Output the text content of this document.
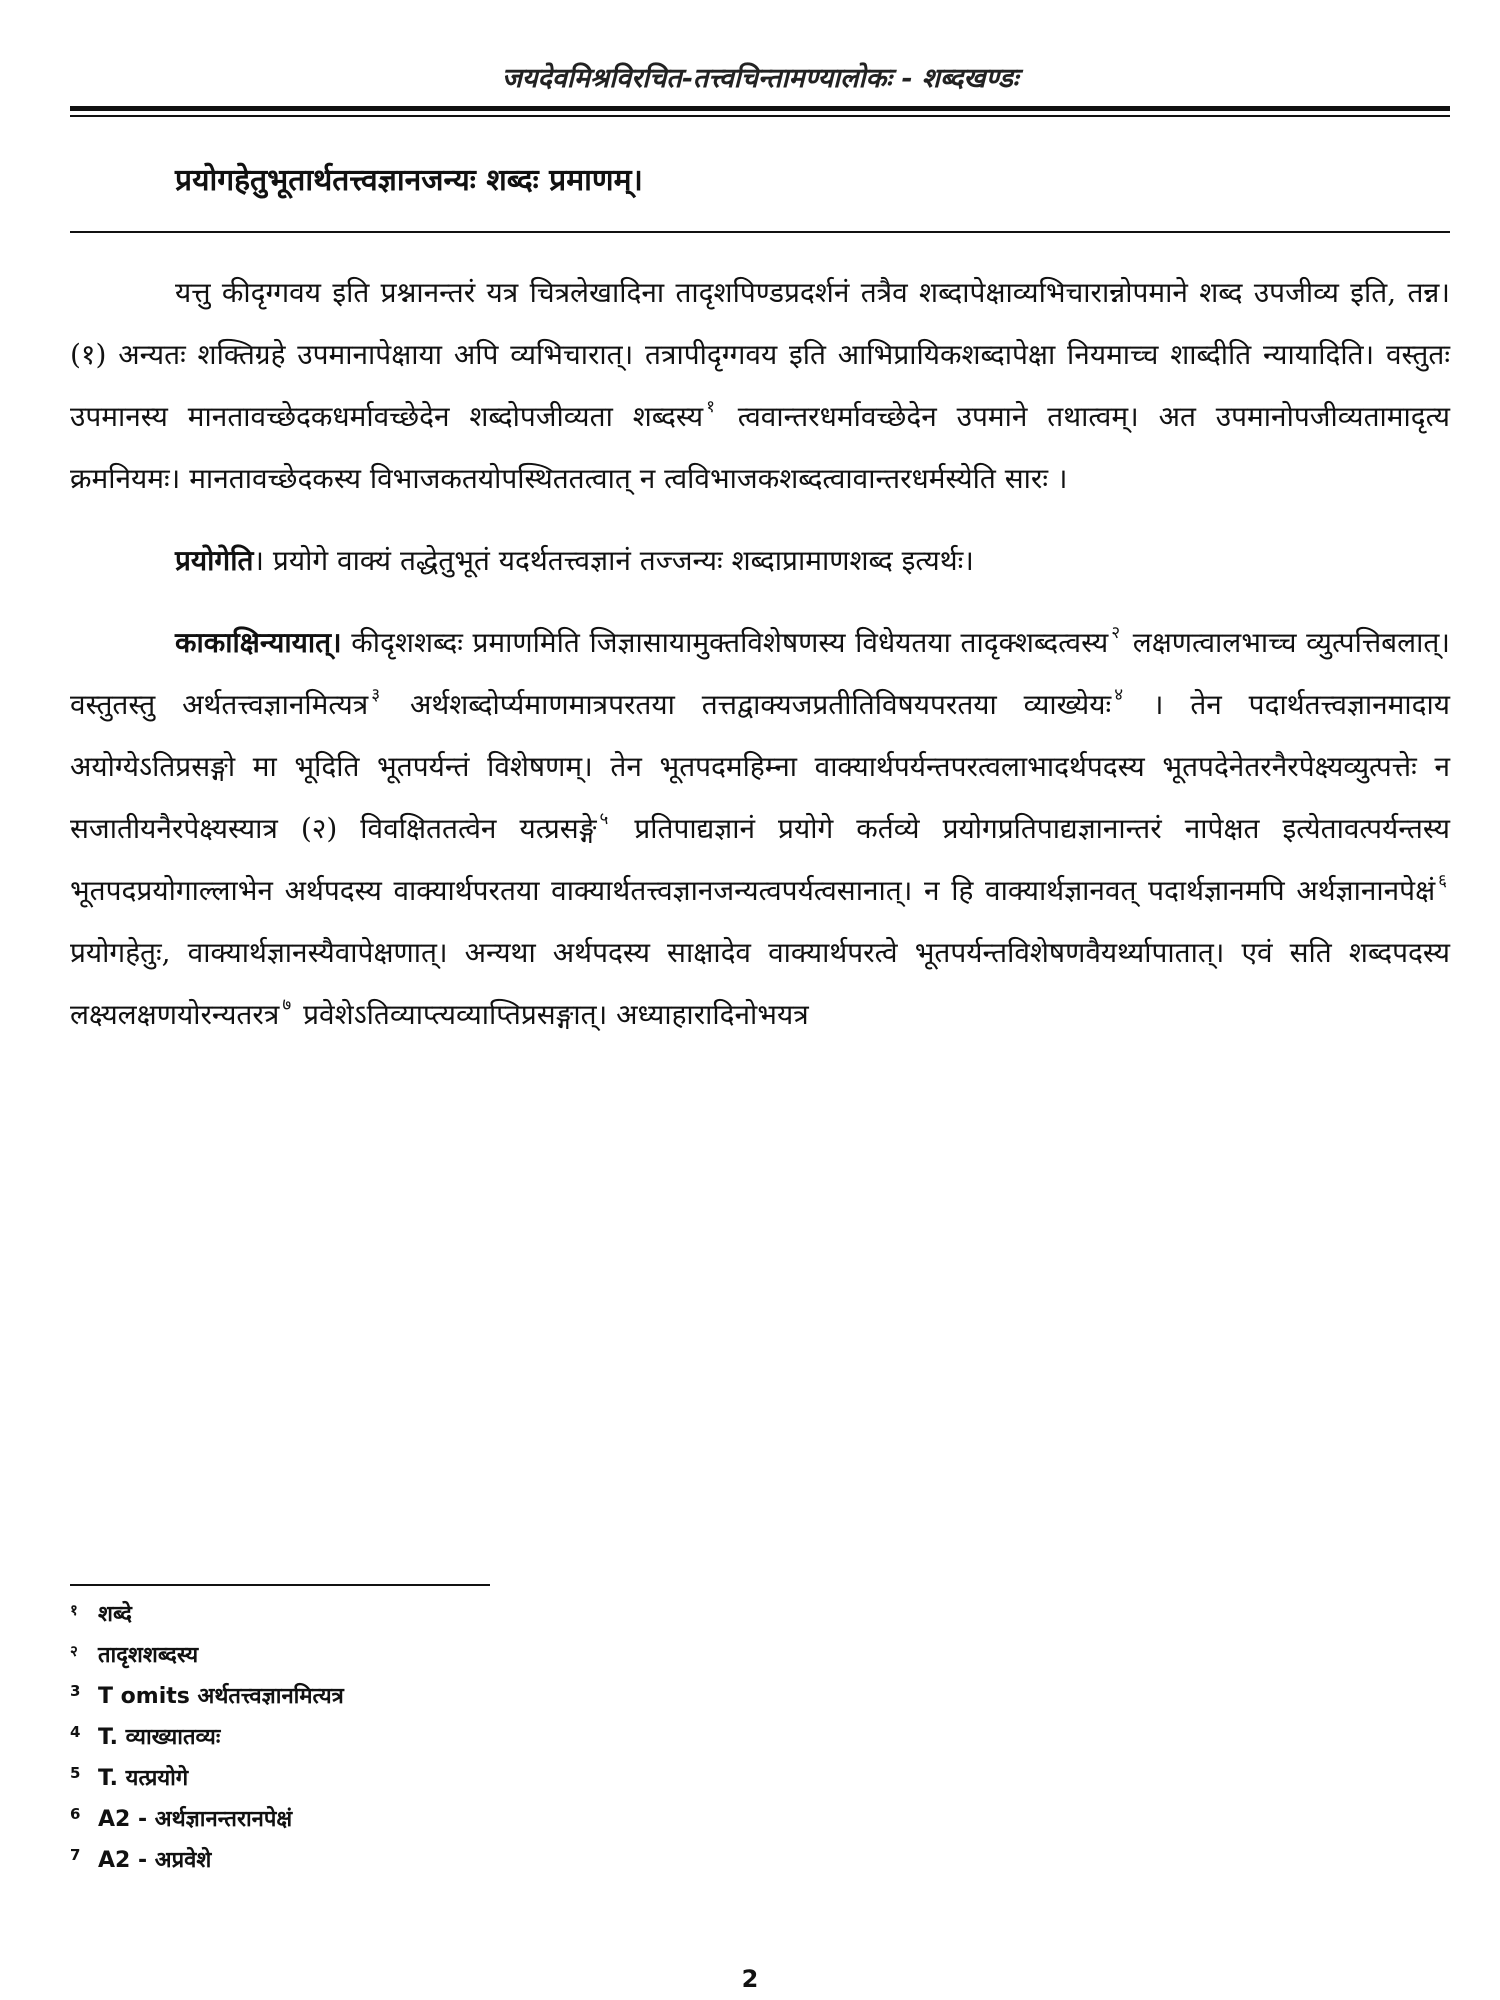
जयदेवमिश्रविरचित-तत्त्वचिन्तामण्यालोकः - शब्दखण्डः
प्रयोगहेतुभूतार्थतत्त्वज्ञानजन्यः शब्दः प्रमाणम्।

यत्तु कीदृग्गवय इति प्रश्नानन्तरं यत्र चित्रलेखादिना तादृशपिण्डप्रदर्शनं तत्रैव शब्दापेक्षाव्यभिचारान्नोपमाने शब्द उपजीव्य इति, तन्न। (१) अन्यतः शक्तिग्रहे उपमानापेक्षाया अपि व्यभिचारात्। तत्रापीदृग्गवय इति आभिप्रायिकशब्दापेक्षा नियमाच्च शाब्दीति न्यायादिति। वस्तुतः उपमानस्य मानतावच्छेदकधर्मावच्छेदेन शब्दोपजीव्यता शब्दस्य $^१$ त्ववान्तरधर्मावच्छेदेन उपमाने तथात्वम्। अत उपमानोपजीव्यतामादृत्य क्रमनियमः। मानतावच्छेदकस्य विभाजकतयोपस्थिततत्वात् न त्वविभाजकशब्दत्वावान्तरधर्मस्येति सारः ।

प्रयोगेति। प्रयोगे वाक्यं तद्धेतुभूतं यदर्थतत्त्वज्ञानं तज्जन्यः शब्दाप्रामाणशब्द इत्यर्थः।

काकाक्षिन्यायात्। कीदृशशब्दः प्रमाणमिति जिज्ञासायामुक्तविशेषणस्य विधेयतया तादृक्शब्दत्वस्य $^२$ लक्षणत्वालभाच्च व्युत्पत्तिबलात्। वस्तुतस्तु अर्थतत्त्वज्ञानमित्यत्र $^३$ अर्थशब्दोर्प्यमाणमात्रपरतया तत्तद्वाक्यजप्रतीतिविषयपरतया व्याख्येयः $^४$ । तेन पदार्थतत्त्वज्ञानमादाय अयोग्येऽतिप्रसङ्गो मा भूदिति भूतपर्यन्तं विशेषणम्। तेन भूतपदमहिम्ना वाक्यार्थपर्यन्तपरत्वलाभादर्थपदस्य भूतपदेनेतरनैरपेक्ष्यव्युत्पत्तेः न सजातीयनैरपेक्ष्यस्यात्र (२) विवक्षिततत्वेन यत्प्रसङ्गे $^५$ प्रतिपाद्यज्ञानं प्रयोगे कर्तव्ये प्रयोगप्रतिपाद्यज्ञानान्तरं नापेक्षत इत्येतावत्पर्यन्तस्य भूतपदप्रयोगाल्लाभेन अर्थपदस्य वाक्यार्थपरतया वाक्यार्थतत्त्वज्ञानजन्यत्वपर्यत्वसानात्। न हि वाक्यार्थज्ञानवत् पदार्थज्ञानमपि अर्थज्ञानानपेक्षं $^६$ प्रयोगहेतुः, वाक्यार्थज्ञानस्यैवापेक्षणात्। अन्यथा अर्थपदस्य साक्षादेव वाक्यार्थपरत्वे भूतपर्यन्तविशेषणवैयर्थ्यापातात्। एवं सति शब्दपदस्य लक्ष्यलक्षणयोरन्यतरत्र $^७$ प्रवेशेऽतिव्याप्त्यव्याप्तिप्रसङ्गात्। अध्याहारादिनोभयत्र

१ शब्दे
२ तादृशशब्दस्य
3 T omits अर्थतत्त्वज्ञानमित्यत्र
4 T. व्याख्यातव्यः
5 T. यत्प्रयोगे
6 A2 - अर्थज्ञानन्तरानपेक्षं
7 A2 - अप्रवेशे
2
